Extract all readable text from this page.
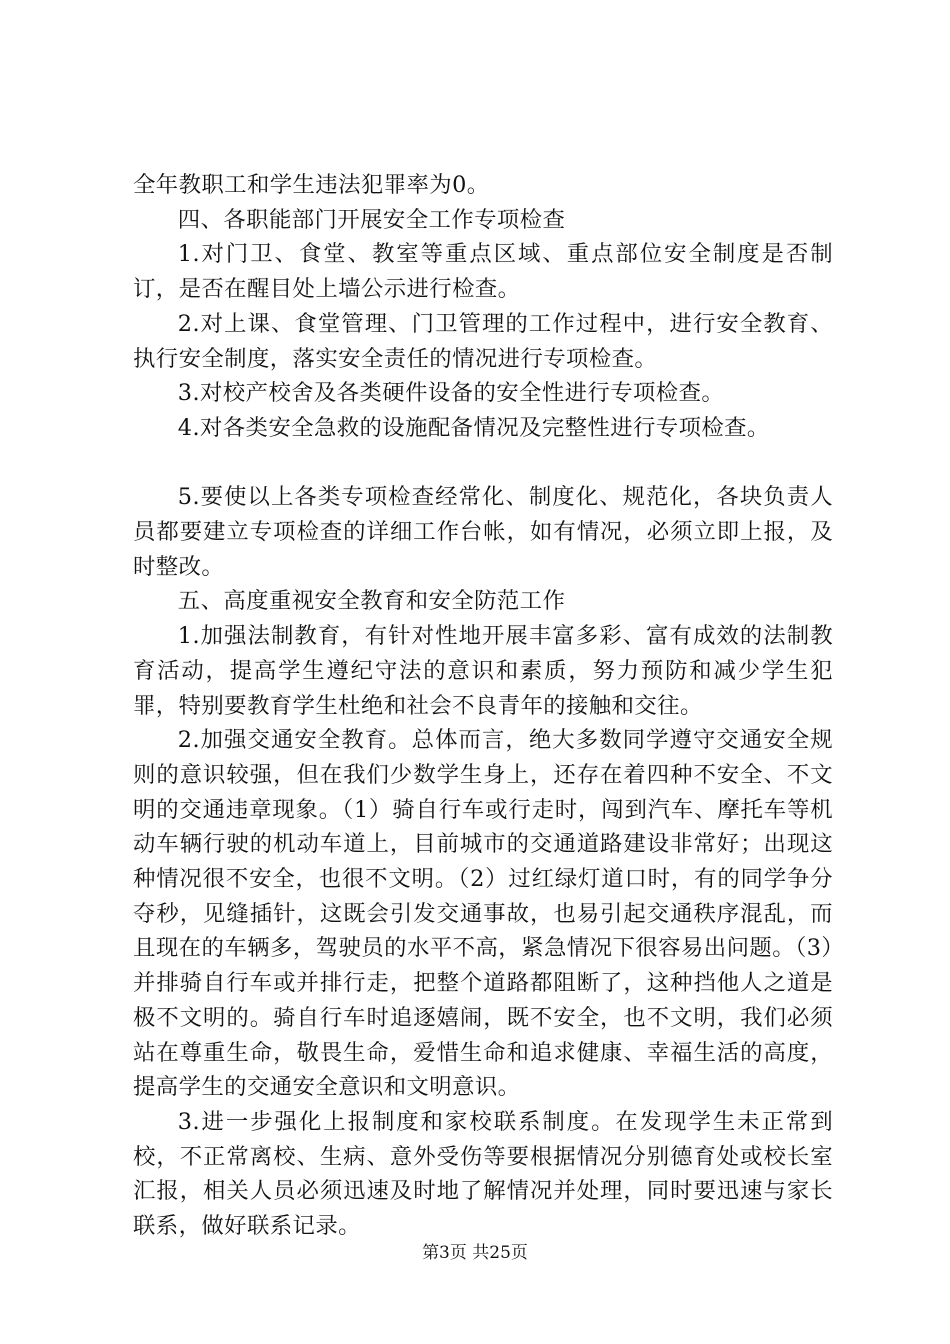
全年教职工和学生违法犯罪率为0。

四、各职能部门开展安全工作专项检查

1.对门卫、食堂、教室等重点区域、重点部位安全制度是否制订，是否在醒目处上墙公示进行检查。

2.对上课、食堂管理、门卫管理的工作过程中，进行安全教育、执行安全制度，落实安全责任的情况进行专项检查。

3.对校产校舍及各类硬件设备的安全性进行专项检查。

4.对各类安全急救的设施配备情况及完整性进行专项检查。

5.要使以上各类专项检查经常化、制度化、规范化，各块负责人员都要建立专项检查的详细工作台帐，如有情况，必须立即上报，及时整改。

五、高度重视安全教育和安全防范工作

1.加强法制教育，有针对性地开展丰富多彩、富有成效的法制教育活动，提高学生遵纪守法的意识和素质，努力预防和减少学生犯罪，特别要教育学生杜绝和社会不良青年的接触和交往。

2.加强交通安全教育。总体而言，绝大多数同学遵守交通安全规则的意识较强，但在我们少数学生身上，还存在着四种不安全、不文明的交通违章现象。（1）骑自行车或行走时，闯到汽车、摩托车等机动车辆行驶的机动车道上，目前城市的交通道路建设非常好；出现这种情况很不安全，也很不文明。（2）过红绿灯道口时，有的同学争分夺秒，见缝插针，这既会引发交通事故，也易引起交通秩序混乱，而且现在的车辆多，驾驶员的水平不高，紧急情况下很容易出问题。（3）并排骑自行车或并排行走，把整个道路都阻断了，这种挡他人之道是极不文明的。骑自行车时追逐嬉闹，既不安全，也不文明，我们必须站在尊重生命，敬畏生命，爱惜生命和追求健康、幸福生活的高度，提高学生的交通安全意识和文明意识。

3.进一步强化上报制度和家校联系制度。在发现学生未正常到校，不正常离校、生病、意外受伤等要根据情况分别德育处或校长室汇报，相关人员必须迅速及时地了解情况并处理，同时要迅速与家长联系，做好联系记录。

第3页 共25页
